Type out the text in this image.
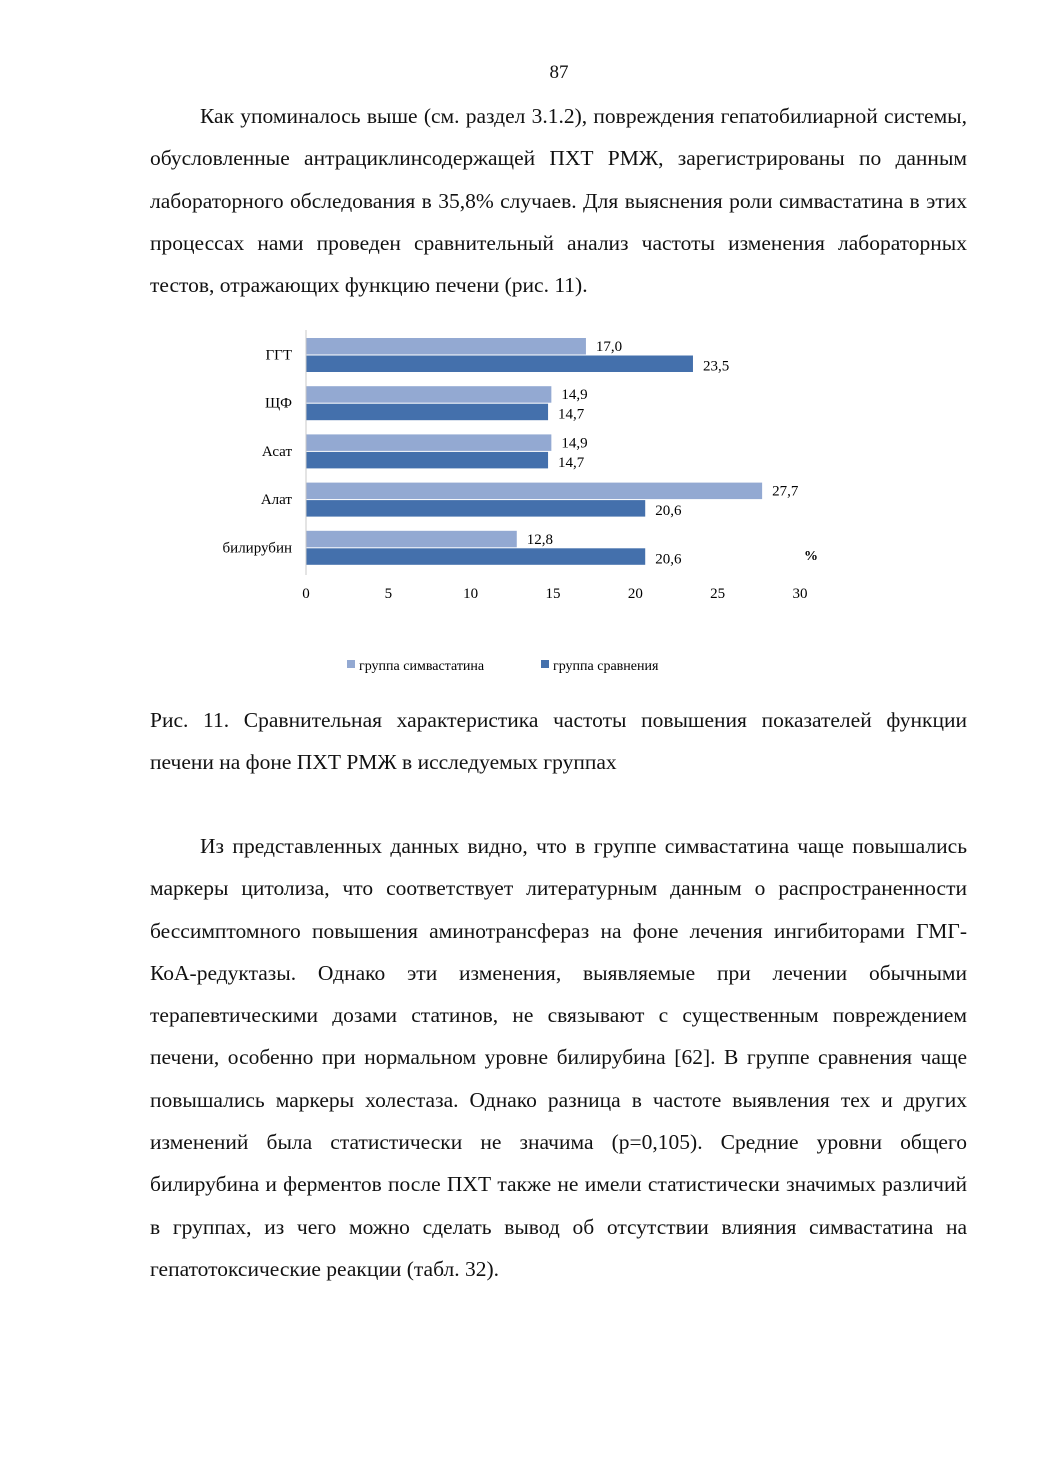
87

Как упоминалось выше (см. раздел 3.1.2), повреждения гепатобилиарной системы, обусловленные антрациклинсодержащей ПХТ РМЖ, зарегистрированы по данным лабораторного обследования в 35,8% случаев. Для выяснения роли симвастатина в этих процессах нами проведен сравнительный анализ частоты изменения лабораторных тестов, отражающих функцию печени (рис. 11).

ГГТ
ЩФ
Асат
Алат
билирубин
17,0
23,5
14,9
14,7
14,9
14,7
27,7
20,6
12,8
20,6
0	5	10	15	20	25	30
%
группа симвастатина	группа сравнения

Рис. 11. Сравнительная характеристика частоты повышения показателей функции печени на фоне ПХТ РМЖ в исследуемых группах

Из представленных данных видно, что в группе симвастатина чаще повышались маркеры цитолиза, что соответствует литературным данным о распространенности бессимптомного повышения аминотрансфераз на фоне лечения ингибиторами ГМГ-КоА-редуктазы. Однако эти изменения, выявляемые при лечении обычными терапевтическими дозами статинов, не связывают с существенным повреждением печени, особенно при нормальном уровне билирубина [62]. В группе сравнения чаще повышались маркеры холестаза. Однако разница в частоте выявления тех и других изменений была статистически не значима (р=0,105). Средние уровни общего билирубина и ферментов после ПХТ также не имели статистически значимых различий в группах, из чего можно сделать вывод об отсутствии влияния симвастатина на гепатотоксические реакции (табл. 32).
